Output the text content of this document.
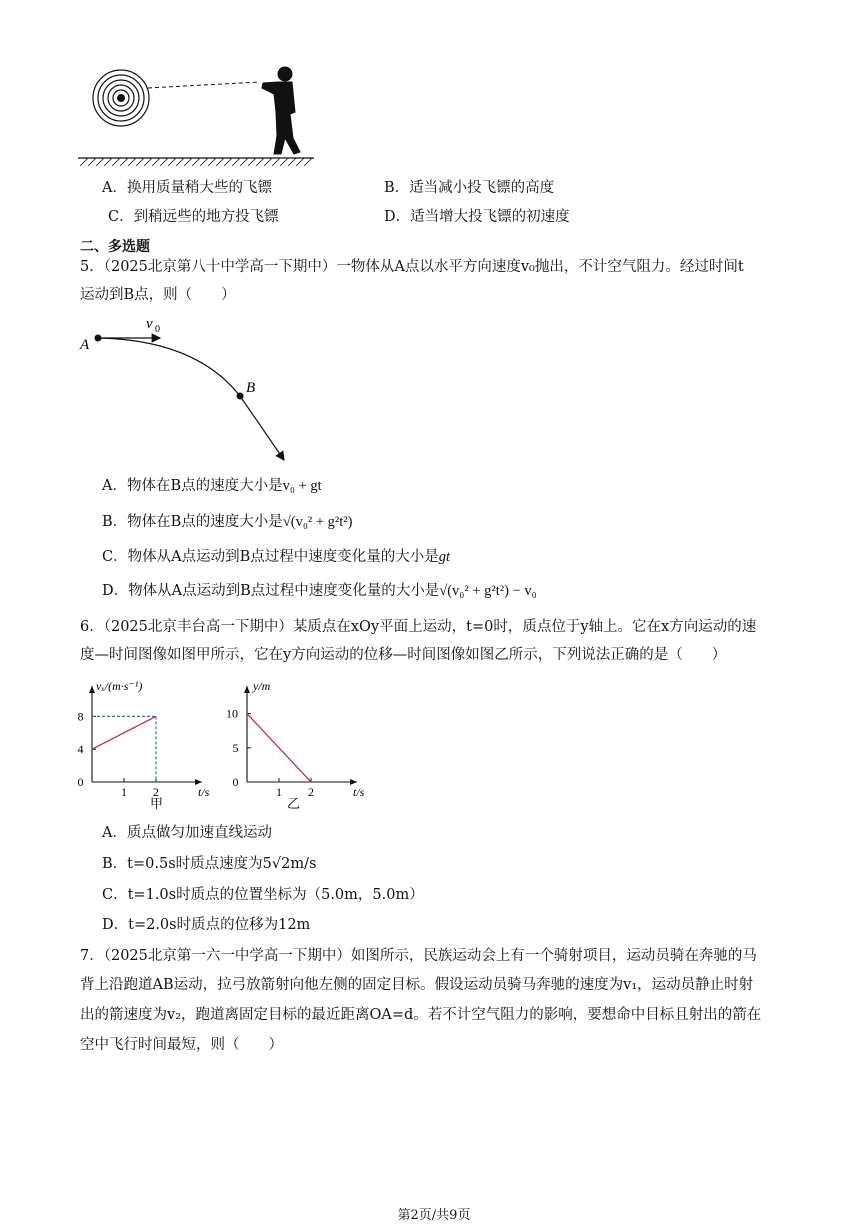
A．换用质量稍大些的飞镖	B．适当减小投飞镖的高度
C．到稍远些的地方投飞镖	D．适当增大投飞镖的初速度
二、多选题
5．（2025北京第八十中学高一下期中）一物体从A点以水平方向速度v₀抛出，不计空气阻力。经过时间t
运动到B点，则（　　）
A
B
v 0
A．物体在B点的速度大小是v₀ + gt
B．物体在B点的速度大小是√(v₀² + g²t²)
C．物体从A点运动到B点过程中速度变化量的大小是gt
D．物体从A点运动到B点过程中速度变化量的大小是√(v₀² + g²t²) − v₀
6．（2025北京丰台高一下期中）某质点在xOy平面上运动，t=0时，质点位于y轴上。它在x方向运动的速
度—时间图像如图甲所示，它在y方向运动的位移—时间图像如图乙所示，下列说法正确的是（　　）
vₓ/(m·s⁻¹)
t/s
甲
1 2
0
4
8
y/m
t/s
乙
1 2
0
5
10
A．质点做匀加速直线运动
B．t=0.5s时质点速度为5√2m/s
C．t=1.0s时质点的位置坐标为（5.0m，5.0m）
D．t=2.0s时质点的位移为12m
7．（2025北京第一六一中学高一下期中）如图所示，民族运动会上有一个骑射项目，运动员骑在奔驰的马
背上沿跑道AB运动，拉弓放箭射向他左侧的固定目标。假设运动员骑马奔驰的速度为v₁，运动员静止时射
出的箭速度为v₂，跑道离固定目标的最近距离OA=d。若不计空气阻力的影响，要想命中目标且射出的箭在
空中飞行时间最短，则（　　）
第2页/共9页
